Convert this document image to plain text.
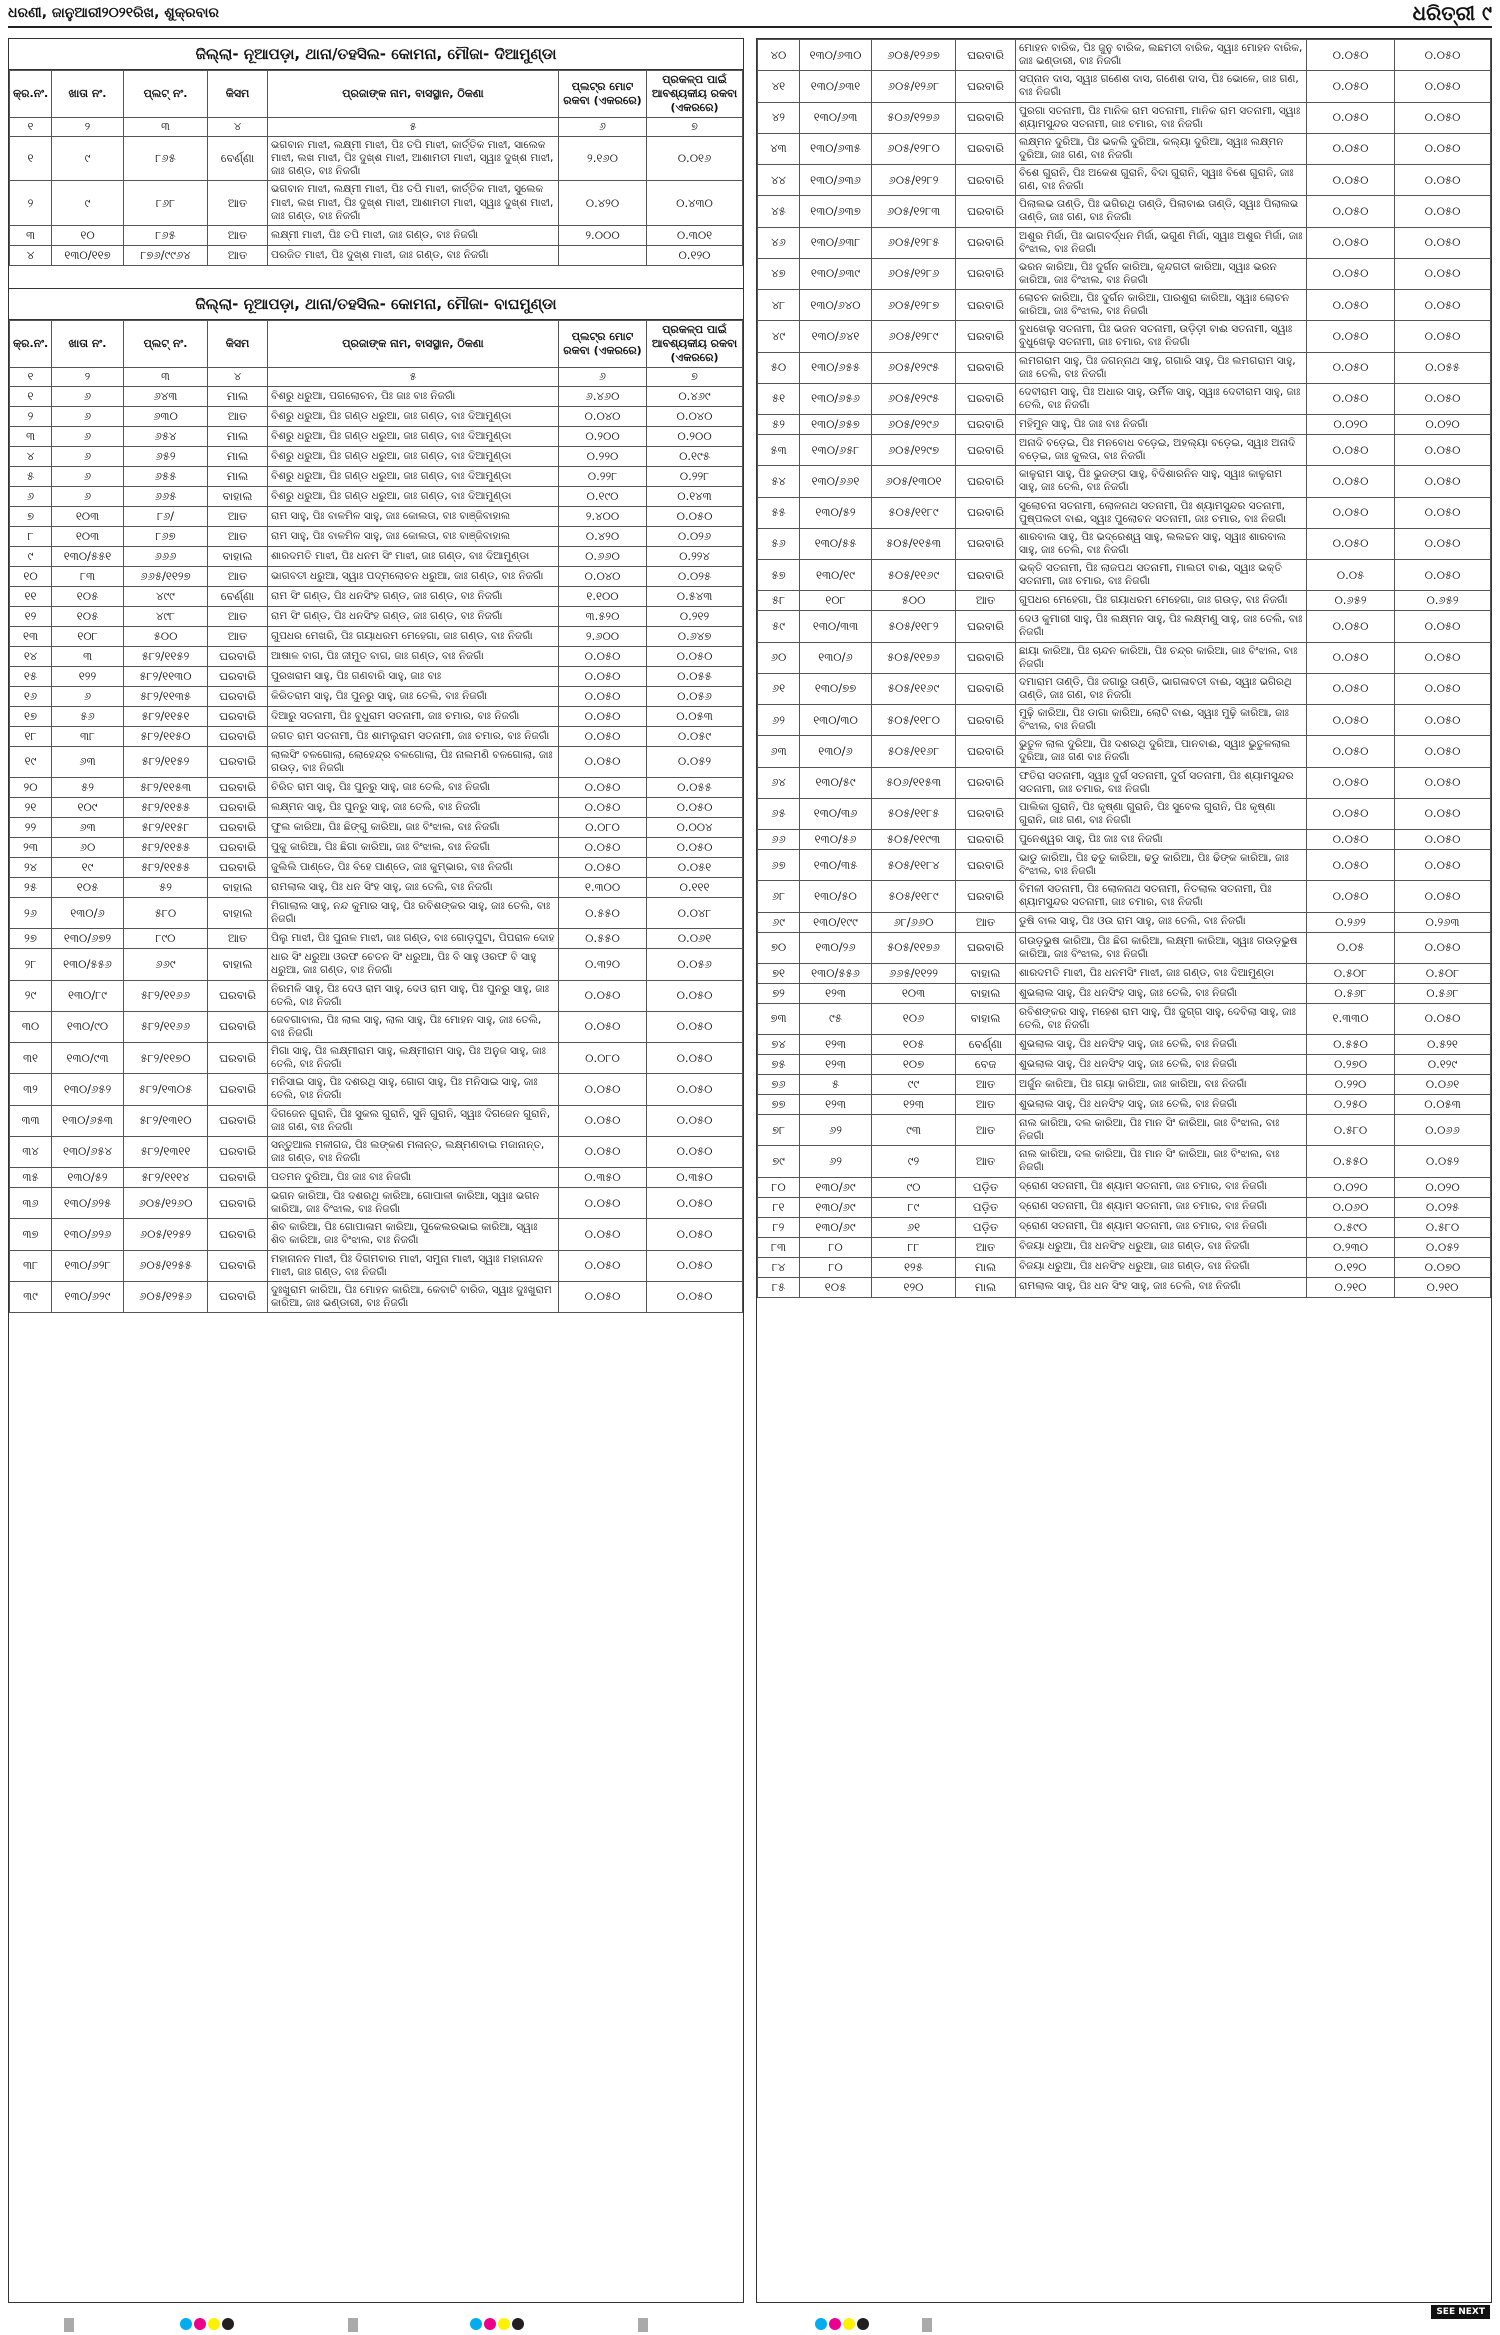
ଧରଣୀ, ଜାନୁଆରୀ୨୦୨୧ରିଖ, ଶୁକ୍ରବାର	ଧରିତ୍ରୀ ୯
ଜିଲ୍ଲା- ନୂଆପଡ଼ା, ଥାନା/ତହସିଲ- କୋମନା, ମୌଜା- ଦିଆମୁଣ୍ଡା
କ୍ର.ନଂ.	ଖାତା ନଂ.	ପ୍ଲଟ୍ ନଂ.	କିସମ	ପ୍ରଜାଙ୍କ ନାମ, ବାସସ୍ଥାନ, ଠିକଣା	ପ୍ଲଟ୍ର ମୋଟ ରକବା (ଏକରରେ)	ପ୍ରକଳ୍ପ ପାଇଁ ଆବଶ୍ୟକୀୟ ରକବା (ଏକରରେ)
୧	୨	୩	୪	୫	୬	୭
୧	୯	୮୬୫	ବେର୍ଣ୍ଣା	ଭଗବାନ ମାଝୀ, ଲକ୍ଷ୍ମୀ ମାଝୀ, ପିଃ ତପି ମାଝୀ, କାର୍ତ୍ତିକ ମାଝୀ, ସାଲେକ ମାଝୀ, ଲଖ ମାଝୀ, ପିଃ ଦୁଖ୍ଶ ମାଝୀ, ଆଶାମତୀ ମାଝୀ, ସ୍ୱାଃ ଦୁଖ୍ଶ ମାଝୀ, ଜାଃ ଗଣ୍ଡ, ବାଃ ନିଜଗାଁ	୨.୧୬୦	୦.୦୧୬
୨	୯	୮୬୮	ଆତ	ଭଗବାନ ମାଝୀ, ଲକ୍ଷ୍ମୀ ମାଝୀ, ପିଃ ତପି ମାଝୀ, କାର୍ତ୍ତିକ ମାଝୀ, ସୁଲେକ ମାଝୀ, ଲଖ ମାଝୀ, ପିଃ ଦୁଖ୍ଶ ମାଝୀ, ଆଶାମତୀ ମାଝୀ, ସ୍ୱାଃ ଦୁଖ୍ଶ ମାଝୀ, ଜାଃ ଗଣ୍ଡ, ବାଃ ନିଜଗାଁ	୦.୪୨୦	୦.୪୩୦
୩	୧୦	୮୬୫	ଆତ	ଲକ୍ଷ୍ମୀ ମାଝୀ, ପିଃ ତପି ମାଝୀ, ଜାଃ ଗଣ୍ଡ, ବାଃ ନିଜଗାଁ	୨.୦୦୦	୦.୩୦୧
୪	୧୩୦/୧୧୭	୮୭୬/୯୯୬୪	ଆତ	ପରଜିତ ମାଝୀ, ପିଃ ଦୁଖ୍ଶ ମାଝୀ, ଜାଃ ଗଣ୍ଡ, ବାଃ ନିଜଗାଁ		୦.୧୨୦
ଜିଲ୍ଲା- ନୂଆପଡ଼ା, ଥାନା/ତହସିଲ- କୋମନା, ମୌଜା- ବାଘମୁଣ୍ଡା
କ୍ର.ନଂ.	ଖାତା ନଂ.	ପ୍ଲଟ୍ ନଂ.	କିସମ	ପ୍ରଜାଙ୍କ ନାମ, ବାସସ୍ଥାନ, ଠିକଣା	ପ୍ଲଟ୍ର ମୋଟ ରକବା (ଏକରରେ)	ପ୍ରକଳ୍ପ ପାଇଁ ଆବଶ୍ୟକୀୟ ରକବା (ଏକରରେ)
୧	୨	୩	୪	୫	୬	୭
୧	୬	୬୪୩	ମାଲ	ବିଶରୁ ଧରୁଆ, ପଗଲୋଚନ, ପିଃ ଜାଃ ବାଃ ନିଜଗାଁ	୬.୪୬୦	୦.୪୬୯
୨	୬	୬୩୦	ଆତ	ବିଶରୁ ଧରୁଆ, ପିଃ ଗଣ୍ଡ ଧରୁଆ, ଜାଃ ଗଣ୍ଡ, ବାଃ ଦିଆମୁଣ୍ଡା	୦.୦୪୦	୦.୦୪୦
୩	୬	୬୫୪	ମାଲ	ବିଶରୁ ଧରୁଆ, ପିଃ ଗଣ୍ଡ ଧରୁଆ, ଜାଃ ଗଣ୍ଡ, ବାଃ ଦିଆମୁଣ୍ଡା	୦.୨୦୦	୦.୨୦୦
୪	୬	୬୫୨	ମାଲ	ବିଶରୁ ଧରୁଆ, ପିଃ ଗଣ୍ଡ ଧରୁଆ, ଜାଃ ଗଣ୍ଡ, ବାଃ ଦିଆମୁଣ୍ଡା	୦.୨୨୦	୦.୧୯୫
୫	୬	୬୫୫	ମାଲ	ବିଶରୁ ଧରୁଆ, ପିଃ ଗଣ୍ଡ ଧରୁଆ, ଜାଃ ଗଣ୍ଡ, ବାଃ ଦିଆମୁଣ୍ଡା	୦.୨୨୮	୦.୨୨୮
୬	୬	୬୬୫	ବାହାଲ	ବିଶରୁ ଧରୁଆ, ପିଃ ଗଣ୍ଡ ଧରୁଆ, ଜାଃ ଗଣ୍ଡ, ବାଃ ଦିଆମୁଣ୍ଡା	୦.୧୯୦	୦.୧୪୩
୭	୧୦୩	୮୬/	ଆତ	ରାମ ସାହୁ, ପିଃ ବାଳମିଳ ସାହୁ, ଜାଃ କୋଲତା, ବାଃ ବାଞ୍ଜିବାହାଲ	୨.୪୦୦	୦.୦୫୦
୮	୧୦୩	୮୬୭	ଆତ	ରାମ ସାହୁ, ପିଃ ବାଳମିଳ ସାହୁ, ଜାଃ କୋଲତା, ବାଃ ବାଞ୍ଜିବାହାଲ	୦.୪୨୦	୦.୦୨୬
୯	୧୩୦/୫୫୧	୬୬୬	ବାହାଲ	ଶାରଦମତି ମାଝୀ, ପିଃ ଧନମ ସିଂ ମାଝୀ, ଜାଃ ଗଣ୍ଡ, ବାଃ ଦିଆମୁଣ୍ଡା	୦.୬୬୦	୦.୨୨୪
୧୦	୮୩	୬୬୫/୧୧୨୭	ଆତ	ଭାଗବତୀ ଧରୁଆ, ସ୍ୱାଃ ପଦ୍ମଲୋଚନ ଧରୁଆ, ଜାଃ ଗଣ୍ଡ, ବାଃ ନିଜଗାଁ	୦.୦୪୦	୦.୦୨୫
୧୧	୧୦୫	୪୯୯	ବେର୍ଣ୍ଣା	ରାମ ସିଂ ଗଣ୍ଡ, ପିଃ ଧନସିଂହ ଗଣ୍ଡ, ଜାଃ ଗଣ୍ଡ, ବାଃ ନିଜଗାଁ	୧.୧୦୦	୦.୫୪୩
୧୨	୧୦୫	୪୯୮	ଆତ	ରାମ ସିଂ ଗଣ୍ଡ, ପିଃ ଧନସିଂହ ଗଣ୍ଡ, ଜାଃ ଗଣ୍ଡ, ବାଃ ନିଜଗାଁ	୩.୫୨୦	୦.୨୧୨
୧୩	୧୦୮	୫୦୦	ଆତ	ଗୁପଧର ମେଖରି, ପିଃ ଗୟାଧରମ ମେହେଗା, ଜାଃ ଗଣ୍ଡ, ବାଃ ନିଜଗାଁ	୨.୬୦୦	୦.୬୪୭
୧୪	୩	୫୮୨/୧୧୫୨	ଘରବାରି	ଆଷାଳ ବାଗ, ପିଃ ଜୀମୁତ ବାଗ, ଜାଃ ଗଣ୍ଡ, ବାଃ ନିଜଗାଁ	୦.୦୫୦	୦.୦୫୦
୧୫	୧୨୨	୫୮୨/୧୧୩୦	ଘରବାରି	ପୁରଖରାମ ସାହୁ, ପିଃ ଗଣବାରି ସାହୁ, ଜାଃ ବାଃ	୦.୦୫୦	୦.୦୫୫
୧୬	୬	୫୮୨/୧୧୩୫	ଘରବାରି	କିରିତରାମ ସାହୁ, ପିଃ ପୁନରୁ ସାହୁ, ଜାଃ ତେଲି, ବାଃ ନିଜଗାଁ	୦.୦୫୦	୦.୦୫୬
୧୭	୫୬	୫୮୨/୧୧୫୧	ଘରବାରି	ଦିଆରୁ ସତନାମୀ, ପିଃ ବୁଧୁରାମ ସତନାମୀ, ଜାଃ ଚମାର, ବାଃ ନିଜଗାଁ	୦.୦୫୦	୦.୦୫୩
୧୮	୩୮	୫୮୨/୧୧୫୦	ଘରବାରି	ଜଗତ ରାମ ସତନାମୀ, ପିଃ ଶାମଲୁରାମ ସତନାମୀ, ଜାଃ ଚମାର, ବାଃ ନିଜଗାଁ	୦.୦୫୦	୦.୦୫୯
୧୯	୬୩	୫୮୨/୧୧୫୨	ଘରବାରି	ଲାଲସିଂ ବଳଗୋଲା, ଲୋହେନ୍ଦ୍ର ବଳଗୋଲା, ପିଃ ନାଲମଣି ବଳଗୋଲା, ଜାଃ ଗଉଡ଼, ବାଃ ନିଜଗାଁ	୦.୦୫୦	୦.୦୫୨
୨୦	୫୨	୫୮୨/୧୧୫୩	ଘରବାରି	ଚିରିତ ରାମ ସାହୁ, ପିଃ ପୁନରୁ ସାହୁ, ଜାଃ ତେଲି, ବାଃ ନିଜଗାଁ	୦.୦୫୦	୦.୦୫୫
୨୧	୧୦୯	୫୮୨/୧୧୫୫	ଘରବାରି	ଲକ୍ଷ୍ମନ ସାହୁ, ପିଃ ପୁନରୁ ସାହୁ, ଜାଃ ତେଲି, ବାଃ ନିଜଗାଁ	୦.୦୫୦	୦.୦୫୦
୨୨	୬୩	୫୮୨/୧୧୫୮	ଘରବାରି	ଫୁଲ କାରିଆ, ପିଃ ଛିଙ୍ଗୁ କାରିଆ, ଜାଃ ବିଂଝାଲ, ବାଃ ନିଜଗାଁ	୦.୦୮୦	୦.୦୦୪
୨୩	୬୦	୫୮୨/୧୧୫୫	ଘରବାରି	ପୁକୁ କାରିଆ, ପିଃ ଛିଗା କାରିଆ, ଜାଃ ବିଂଝାଲ, ବାଃ ନିଜଗାଁ	୦.୦୫୦	୦.୦୫୦
୨୪	୧୯	୫୮୨/୧୧୫୫	ଘରବାରି	ଜୁଲିଲି ପାଣ୍ଡେ, ପିଃ ବିହେ ପାଣ୍ଡେ, ଜାଃ କୁମ୍ଭାର, ବାଃ ନିଜଗାଁ	୦.୦୫୦	୦.୦୫୧
୨୫	୧୦୫	୫୨	ବାହାଲ	ରାମଲାଲ ସାହୁ, ପିଃ ଧନ ସିଂହ ସାହୁ, ଜାଃ ତେଲି, ବାଃ ନିଜଗାଁ	୧.୩୦୦	୦.୧୧୧
୨୬	୧୩୦/୬	୫୮୦	ବାହାଲ	ମିଗାଲାଲ ସାହୁ, ନନ୍ଦ କୁମାର ସାହୁ, ପିଃ ରବିଶଙ୍କର ସାହୁ, ଜାଃ ତେଲି, ବାଃ ନିଜଗାଁ	୦.୫୫୦	୦.୦୪୮
୨୭	୧୩୦/୬୭୨	୮୯୦	ଆତ	ପିଲୁ ମାଝୀ, ପିଃ ପୁନାଳ ମାଝୀ, ଜାଃ ଗଣ୍ଡ, ବାଃ ଗୋଡ଼ପୁଟା, ପିପରାଳ ଦୋହ	୦.୫୫୦	୦.୦୬୧
୨୮	୧୩୦/୫୫୬	୬୬୯	ବାହାଲ	ଧାର ସିଂ ଧରୁଆ ଓରଫ ଚେତନ ସିଂ ଧରୁଆ, ପିଃ ବି ସାହୁ ଓରଫ ବି ସାହୁ ଧରୁଆ, ଜାଃ ଗଣ୍ଡ, ବାଃ ନିଜଗାଁ	୦.୩୨୦	୦.୦୫୬
୨୯	୧୩୦/୮୯	୫୮୨/୧୧୬୬	ଘରବାରି	ନିରମଳି ସାହୁ, ପିଃ ଦେଓ ରାମ ସାହୁ, ଦେଓ ରାମ ସାହୁ, ପିଃ ପୁନରୁ ସାହୁ, ଜାଃ ତେଲି, ବାଃ ନିଜଗାଁ	୦.୦୫୦	୦.୦୫୦
୩୦	୧୩୦/୯୦	୫୮୨/୧୧୬୬	ଘରବାରି	ଜେବଗାବାଲ, ପିଃ ଲାଲ ସାହୁ, ଲାଲ ସାହୁ, ପିଃ ମୋହନ ସାହୁ, ଜାଃ ତେଲି, ବାଃ ନିଜଗାଁ	୦.୦୫୦	୦.୦୫୦
୩୧	୧୩୦/୯୩	୫୮୨/୧୧୭୦	ଘରବାରି	ମିଗା ସାହୁ, ପିଃ ଲକ୍ଷ୍ମୀରାମ ସାହୁ, ଲକ୍ଷ୍ମୀରାମ ସାହୁ, ପିଃ ଅନୁଜ ସାହୁ, ଜାଃ ତେଲି, ବାଃ ନିଜଗାଁ	୦.୦୮୦	୦.୦୫୦
୩୨	୧୩୦/୬୫୨	୫୮୨/୧୩୦୫	ଘରବାରି	ମନିସାଇ ସାହୁ, ପିଃ ଦଶରଥି ସାହୁ, ଗୋଗ ସାହୁ, ପିଃ ମନିସାଇ ସାହୁ, ଜାଃ ତେଲି, ବାଃ ନିଜଗାଁ	୦.୦୫୦	୦.୦୫୦
୩୩	୧୩୦/୬୫୩	୫୮୨/୧୩୧୦	ଘରବାରି	ଦିଗଜେନ ଗୁରାନି, ପିଃ ସୁକଲ ଗୁରାନି, ସୁନି ଗୁରାନି, ସ୍ୱାଃ ଦିଗଜେନ ଗୁରାନି, ଜାଃ ଗଣ, ବାଃ ନିଜଗାଁ	୦.୦୫୦	୦.୦୫୦
୩୪	୧୩୦/୬୫୪	୫୮୨/୧୩୧୧	ଘରବାରି	ସନ୍ତୁଆଲ ମଳୀଗଜ, ପିଃ ଲଙ୍କଣ ମଳାନ୍ତ, ଲକ୍ଷ୍ମଣବାଇ ମଜାନାନ୍ତ, ଜାଃ ଗଣ୍ଡ, ବାଃ ନିଜଗାଁ	୦.୦୫୦	୦.୦୫୦
୩୫	୧୩୦/୫୨	୫୮୨/୧୧୧୪	ଘରବାରି	ପତମନ ଦୁରିଆ, ପିଃ ଜାଃ ବାଃ ନିଜଗାଁ	୦.୩୫୦	୦.୩୫୦
୩୬	୧୩୦/୬୨୫	୬୦୫/୧୨୬୦	ଘରବାରି	ଭଗନ କାରିଆ, ପିଃ ଦଶରଥି କାରିଆ, ଗୋପାଳୀ କାରିଆ, ସ୍ୱାଃ ଭଗନ କାରିଆ, ଜାଃ ବିଂଝାଲ, ବାଃ ନିଜଗାଁ	୦.୦୫୦	୦.୦୫୦
୩୭	୧୩୦/୬୨୬	୬୦୫/୧୨୫୨	ଘରବାରି	ଶିବ କାରିଆ, ପିଃ ଗୋପାଳାମ କାରିଆ, ପୁକେଲରଭାଇ କାରିଆ, ସ୍ୱାଃ ଶିବ କାରିଆ, ଜାଃ ବିଂଝାଲ, ବାଃ ନିଜଗାଁ	୦.୦୫୦	୦.୦୫୦
୩୮	୧୩୦/୬୨୮	୬୦୫/୧୨୫୫	ଘରବାରି	ମହାନାନନ ମାଝୀ, ପିଃ ଦିଗମବାର ମାଝୀ, ସମୁନା ମାଝୀ, ସ୍ୱାଃ ମହାନାନ୍ଦନ ମାଝୀ, ଜାଃ ଗଣ୍ଡ, ବାଃ ନିଜଗାଁ	୦.୦୫୦	୦.୦୫୦
୩୯	୧୩୦/୬୨୯	୬୦୫/୧୨୫୬	ଘରବାରି	ଦୁଃଖୁରାମ କାରିଆ, ପିଃ ମୋହନ କାରିଆ, କେବାଟି ବାରିଜ, ସ୍ୱାଃ ଦୁଃଖୁରାମ କାରିଆ, ଜାଃ ଭଣ୍ଡାରୀ, ବାଃ ନିଜଗାଁ	୦.୦୫୦	୦.୦୫୦
୪୦	୧୩୦/୬୩୦	୬୦୫/୧୨୬୭	ଘରବାରି	ମୋହନ ବାରିକ, ପିଃ ଜୁନୁ ବାରିକ, ଲଛମତୀ ବାରିକ, ସ୍ୱାଃ ମୋହନ ବାରିକ, ଜାଃ ଭଣ୍ଡାରୀ, ବାଃ ନିଜଗାଁ	୦.୦୫୦	୦.୦୫୦
୪୧	୧୩୦/୬୩୧	୬୦୫/୧୨୬୮	ଘରବାରି	ସପ୍ନାନ ଦାସ, ସ୍ୱାଃ ଗଣେଶ ଦାସ, ଗଣେଶ ଦାସ, ପିଃ ଭୋଳେ, ଜାଃ ଗଣ, ବାଃ ନିଜଗାଁ	୦.୦୫୦	୦.୦୫୦
୪୨	୧୩୦/୬୩	୫୦୬/୧୨୭୬	ଘରବାରି	ପୁରଗା ସତନାମୀ, ପିଃ ମାନିକ ରାମ ସତନାମୀ, ମାନିକ ରାମ ସତନାମୀ, ସ୍ୱାଃ ଶ୍ୟାମସୁନ୍ଦର ସତନାମୀ, ଜାଃ ଚମାର, ବାଃ ନିଜଗାଁ	୦.୦୫୦	୦.୦୫୦
୪୩	୧୩୦/୬୩୫	୬୦୫/୧୨୮୦	ଘରବାରି	ଲକ୍ଷ୍ମନ ଦୁରିଆ, ପିଃ ଭକଲି ଦୁରିଆ, କଲ୍ୟା ଦୁରିଆ, ସ୍ୱାଃ ଲକ୍ଷ୍ମନ ଦୁରିଆ, ଜାଃ ଗଣ, ବାଃ ନିଜଗାଁ	୦.୦୫୦	୦.୦୫୦
୪୪	୧୩୦/୬୩୬	୬୦୫/୧୨୮୨	ଘରବାରି	ବିଶେ ଗୁରାନି, ପିଃ ଅକେଶ ଗୁରାନି, ବିଦା ଗୁରାନି, ସ୍ୱାଃ ବିଶେ ଗୁରାନି, ଜାଃ ଗଣ, ବାଃ ନିଜଗାଁ	୦.୦୫୦	୦.୦୫୦
୪୫	୧୩୦/୬୩୭	୬୦୫/୧୨୮୩	ଘରବାରି	ପିଲାଲଭ ତାଣ୍ଡି, ପିଃ ଭଗିରଥି ତାଣ୍ଡି, ପିଲାବାଈ ତାଣ୍ଡି, ସ୍ୱାଃ ପିଲାଲଭ ତାଣ୍ଡି, ଜାଃ ଗଣ, ବାଃ ନିଜଗାଁ	୦.୦୫୦	୦.୦୫୦
୪୬	୧୩୦/୬୩୮	୬୦୫/୧୨୮୫	ଘରବାରି	ଅଶୁର ମିର୍ଜା, ପିଃ ଭାଗବର୍ଦ୍ଧନ ମିର୍ଜା, ଭଗୁଣ ମିର୍ଜା, ସ୍ୱାଃ ଅଶୁର ମିର୍ଜା, ଜାଃ ବିଂଝାଲ, ବାଃ ନିଜଗାଁ	୦.୦୫୦	୦.୦୫୦
୪୭	୧୩୦/୬୩୯	୬୦୫/୧୨୮୬	ଘରବାରି	ଭରନ କାରିଆ, ପିଃ ଦୁର୍ଗନ କାରିଆ, କୃନ୍ଦଗତୀ କାରିଆ, ସ୍ୱାଃ ଭରନ କାରିଆ, ଜାଃ ବିଂଝାଲ, ବାଃ ନିଜଗାଁ	୦.୦୫୦	୦.୦୫୦
୪୮	୧୩୦/୬୪୦	୬୦୫/୧୨୮୭	ଘରବାରି	ଲୋଚନ କାରିଆ, ପିଃ ଦୁର୍ଗନ କାରିଆ, ପାରଶୁରା କାରିଆ, ସ୍ୱାଃ ଲୋଚନ କାରିଆ, ଜାଃ ବିଂଝାଲ, ବାଃ ନିଜଗାଁ	୦.୦୫୦	୦.୦୫୦
୪୯	୧୩୦/୬୪୧	୬୦୫/୧୨୮୯	ଘରବାରି	ବୁଧଖେଲୁ ସତନାମୀ, ପିଃ ଭଜନ ସତନାମୀ, ଉଡ଼ିଡ଼ୀ ବାଈ ସତନାମୀ, ସ୍ୱାଃ ବୁଧୁଖେଲୁ ସତନାମୀ, ଜାଃ ଚମାର, ବାଃ ନିଜଗାଁ	୦.୦୫୦	୦.୦୫୦
୫୦	୧୩୦/୬୫୫	୬୦୫/୧୨୯୫	ଘରବାରି	ଲମଗରାମ ସାହୁ, ପିଃ ଜଗନ୍ନାଥ ସାହୁ, ଗଗାରି ସାହୁ, ପିଃ ଲମଗରାମ ସାହୁ, ଜାଃ ତେଲି, ବାଃ ନିଜଗାଁ	୦.୦୫୦	୦.୦୫୫
୫୧	୧୩୦/୬୫୬	୬୦୫/୧୨୯୫	ଘରବାରି	ଦେବୀରାମ ସାହୁ, ପିଃ ଅଧାର ସାହୁ, ଉର୍ମିଳ ସାହୁ, ସ୍ୱାଃ ଦେବୀରାମ ସାହୁ, ଜାଃ ତେଲି, ବାଃ ନିଜଗାଁ	୦.୦୫୦	୦.୦୫୦
୫୨	୧୩୦/୬୫୭	୬୦୫/୧୨୯୬	ଘରବାରି	ମହିମୁନ ସାହୁ, ପିଃ ଜାଃ ବାଃ ନିଜଗାଁ	୦.୦୨୦	୦.୦୨୦
୫୩	୧୩୦/୬୫୮	୬୦୫/୧୨୯୭	ଘରବାରି	ଅନାଦି ବଡ଼େଇ, ପିଃ ମନବୋଧ ବଡ଼େଇ, ଅହଲ୍ୟା ବଡ଼େଇ, ସ୍ୱାଃ ଅନାଦି ବଡ଼େଇ, ଜାଃ କୁଲତା, ବାଃ ନିଜଗାଁ	୦.୦୫୦	୦.୦୫୦
୫୪	୧୩୦/୬୬୧	୬୦୫/୧୩୦୧	ଘରବାରି	କାଳୁରାମ ସାହୁ, ପିଃ ଭୁଜଙ୍ଗ ସାହୁ, ବିଦିଶାରନିନ ସାହୁ, ସ୍ୱାଃ କାଳୁରାମ ସାହୁ, ଜାଃ ତେଲି, ବାଃ ନିଜଗାଁ	୦.୦୫୦	୦.୦୫୦
୫୫	୧୩୦/୫୨	୫୦୫/୧୧୮୯	ଘରବାରି	ସୁଲୋଚନା ସତନାମୀ, ଲୋଳନାଥ ସତନାମୀ, ପିଃ ଶ୍ୟାମସୁନ୍ଦର ସତନାମୀ, ପୁଷ୍ପଲତୀ ବାଈ, ସ୍ୱାଃ ପୁଲୋଚନ ସତନାମୀ, ଜାଃ ଚମାର, ବାଃ ନିଜଗାଁ	୦.୦୫୦	୦.୦୫୦
୫୬	୧୩୦/୫୫	୫୦୫/୧୧୫୩	ଘରବାରି	ଶାରବାଲ ସାହୁ, ପିଃ ଭଦ୍ରେଶ୍ୱ ସାହୁ, ଲଲଚ୍ଚନ ସାହୁ, ସ୍ୱାଃ ଶାରବାଲ ସାହୁ, ଜାଃ ତେଲି, ବାଃ ନିଜଗାଁ	୦.୦୫୦	୦.୦୫୦
୫୭	୧୩୦/୧୯	୫୦୫/୧୧୬୯	ଘରବାରି	ଭକ୍ତି ସତନାମୀ, ପିଃ ଲାଜପଥ ସତନାମୀ, ମାଲତୀ ବାଈ, ସ୍ୱାଃ ଭକ୍ତି ସତନାମୀ, ଜାଃ ଚମାର, ବାଃ ନିଜଗାଁ	୦.୦୫	୦.୦୫୦
୫୮	୧୦୮	୫୦୦	ଆତ	ଗୁପଧର ମେହେଗା, ପିଃ ଗୟାଧରମ ମେହେଗା, ଜାଃ ଗଉଡ଼, ବାଃ ନିଜଗାଁ	୦.୬୫୨	୦.୬୫୨
୫୯	୧୩୦/୩୩	୫୦୫/୧୧୮୨	ଘରବାରି	ଦେଓ କୁମାରୀ ସାହୁ, ପିଃ ଲକ୍ଷ୍ମନ ସାହୁ, ପିଃ ଲକ୍ଷ୍ମଣୁ ସାହୁ, ଜାଃ ତେଲି, ବାଃ ନିଜଗାଁ	୦.୦୫୦	୦.୦୫୦
୬୦	୧୩୦/୬	୫୦୫/୧୧୭୬	ଘରବାରି	ଛାୟା କାରିଆ, ପିଃ ଚାନ୍ଦନ କାରିଆ, ପିଃ ଚନ୍ଦ୍ର କାରିଆ, ଜାଃ ବିଂଝାଲ, ବାଃ ନିଜଗାଁ	୦.୦୫୦	୦.୦୫୦
୬୧	୧୩୦/୭୭	୫୦୫/୧୧୬୯	ଘରବାରି	ଦମାରାମ ତାଣ୍ଡି, ପିଃ ଜଗାରୁ ତାଣ୍ଡି, ଭାଗଳାବତୀ ବାଈ, ସ୍ୱାଃ ଭଗିରଥି ତାଣ୍ଡି, ଜାଃ ଗଣ, ବାଃ ନିଜଗାଁ	୦.୦୫୦	୦.୦୫୦
୬୨	୧୩୦/୩୦	୫୦୫/୧୧୮୦	ଘରବାରି	ମୁଢ଼ି କାରିଆ, ପିଃ ଡାଗା କାରିଆ, ଲୋଟି ବାଈ, ସ୍ୱାଃ ମୁଢ଼ି କାରିଆ, ଜାଃ ବିଂଝାଲ, ବାଃ ନିଜଗାଁ	୦.୦୫୦	୦.୦୫୦
୬୩	୧୩୦/୬	୫୦୫/୧୧୬୮	ଘରବାରି	ଭୁତୁଳ ଲାଲ ଦୁରିଆ, ପିଃ ଦଶରଥି ଦୁରିଆ, ପାନବାଈ, ସ୍ୱାଃ ଭୁତୁଳଲାଲ ଦୁରିଆ, ଜାଃ ଗଣ ବାଃ ନିଜଗାଁ	୦.୦୫୦	୦.୦୫୦
୬୪	୧୩୦/୫୯	୫୦୬/୧୧୫୩	ଘରବାରି	ଫତିରା ସତନାମୀ, ସ୍ୱାଃ ଦୁର୍ଗ ସତନାମୀ, ଦୁର୍ଗ ସତନାମୀ, ପିଃ ଶ୍ୟାମସୁନ୍ଦର ସତନାମୀ, ଜାଃ ଚମାର, ବାଃ ନିଜଗାଁ	୦.୦୫୦	୦.୦୫୦
୬୫	୧୩୦/୩୬	୫୦୫/୧୧୮୫	ଘରବାରି	ପାଲିକା ଗୁରାନି, ପିଃ କୃଷ୍ଣା ଗୁରାନି, ପିଃ ସୁବେଲ ଗୁରାନି, ପିଃ କୃଷ୍ଣା ଗୁରାନି, ଜାଃ ଗଣ, ବାଃ ନିଜଗାଁ	୦.୦୫୦	୦.୦୫୦
୬୬	୧୩୦/୫୬	୫୦୫/୧୧୯୩	ଘରବାରି	ପୁନେଶ୍ୱର ସାହୁ, ପିଃ ଜାଃ ବାଃ ନିଜଗାଁ	୦.୦୫୦	୦.୦୫୦
୬୭	୧୩୦/୩୫	୫୦୫/୧୧୮୪	ଘରବାରି	ଭାଡୁ କାରିଆ, ପିଃ ଢଡୁ କାରିଆ, ଢଡୁ କାରିଆ, ପିଃ ଢିଙ୍କ କାରିଆ, ଜାଃ ବିଂଝାଲ, ବାଃ ନିଜଗାଁ	୦.୦୫୦	୦.୦୫୦
୬୮	୧୩୦/୫୦	୫୦୫/୧୧୮୯	ଘରବାରି	ବିମଳୀ ସତନାମୀ, ପିଃ ଲୋଳନାଥ ସତନାମୀ, ନିତଲାଲ ସତନାମୀ, ପିଃ ଶ୍ୟାମସୁନ୍ଦର ସତନାମୀ, ଜାଃ ଚମାର, ବାଃ ନିଜଗାଁ	୦.୦୫୦	୦.୦୫୦
୬୯	୧୩୦/୧୯୯	୬୮/୬୬୦	ଆତ	ଡୁଷି ବାଲ ସାହୁ, ପିଃ ଓଉ ରାମ ସାହୁ, ଜାଃ ତେଲି, ବାଃ ନିଜଗାଁ	୦.୨୬୨	୦.୨୬୩
୭୦	୧୩୦/୨୬	୫୦୫/୧୧୭୬	ଘରବାରି	ଗଉଡ଼ଭୁଷ କାରିଆ, ପିଃ ଛିଗ କାରିଆ, ଲକ୍ଷ୍ମୀ କାରିଆ, ସ୍ୱାଃ ଗଉଡ଼ଭୁଷ କାରିଆ, ଜାଃ ବିଂଝାଲ, ବାଃ ନିଜଗାଁ	୦.୦୫	୦.୦୫୦
୭୧	୧୩୦/୫୫୬	୬୬୫/୧୧୨୨	ବାହାଲ	ଶାରଦମତି ମାଝୀ, ପିଃ ଧନମସିଂ ମାଝୀ, ଜାଃ ଗଣ୍ଡ, ବାଃ ଦିଆମୁଣ୍ଡା	୦.୫୦୮	୦.୫୦୮
୭୨	୧୨୩	୧୦୩	ବାହାଲ	ଶୁଭଲାଲ ସାହୁ, ପିଃ ଧନସିଂହ ସାହୁ, ଜାଃ ତେଲି, ବାଃ ନିଜଗାଁ	୦.୫୬୮	୦.୫୬୮
୭୩	୯୫	୧୦୬	ବାହାଲ	ରବିଶଙ୍କର ସାହୁ, ମହେଶ ରାମ ସାହୁ, ପିଃ ଜୁଗ୍ଗ ସାହୁ, ଦେବିଲା ସାହୁ, ଜାଃ ତେଲି, ବାଃ ନିଜଗାଁ	୧.୩୩୦	୦.୦୫୦
୭୪	୧୨୩	୧୦୫	ବେର୍ଣ୍ଣା	ଶୁଭଲାଲ ସାହୁ, ପିଃ ଧନସିଂହ ସାହୁ, ଜାଃ ତେଲି, ବାଃ ନିଜଗାଁ	୦.୫୫୦	୦.୫୨୧
୭୫	୧୨୩	୧୦୭	ବେଜ	ଶୁଭଲାଲ ସାହୁ, ପିଃ ଧନସିଂହ ସାହୁ, ଜାଃ ତେଲି, ବାଃ ନିଜଗାଁ	୦.୨୭୦	୦.୧୨୯
୭୬	୫	୯୯	ଆତ	ଅର୍ଜୁନ କାରିଆ, ପିଃ ଗୟା କାରିଆ, ଜାଃ କାରିଆ, ବାଃ ନିଜଗାଁ	୦.୨୨୦	୦.୦୬୧
୭୭	୧୨୩	୧୨୩	ଆତ	ଶୁଭଲାଲ ସାହୁ, ପିଃ ଧନସିଂହ ସାହୁ, ଜାଃ ତେଲି, ବାଃ ନିଜଗାଁ	୦.୨୫୦	୦.୦୫୩
୭୮	୬୨	୯୩	ଆତ	ନାଲ କାରିଆ, ଦଲ କାରିଆ, ପିଃ ମାନ ସିଂ କାରିଆ, ଜାଃ ବିଂଝାଲ, ବାଃ ନିଜଗାଁ	୦.୫୮୦	୦.୦୬୬
୭୯	୬୨	୯୨	ଆତ	ନାଲ କାରିଆ, ଦଲ କାରିଆ, ପିଃ ମାନ ସିଂ କାରିଆ, ଜାଃ ବିଂଝାଲ, ବାଃ ନିଜଗାଁ	୦.୫୫୦	୦.୦୫୨
୮୦	୧୩୦/୬୯	୯୦	ପଡ଼ିତ	ଦ୍ରୋଣ ସତନାମୀ, ପିଃ ଶ୍ୟାମ ସତନାମୀ, ଜାଃ ଚମାର, ବାଃ ନିଜଗାଁ	୦.୦୨୦	୦.୦୨୦
୮୧	୧୩୦/୬୯	୮୯	ପଡ଼ିତ	ଦ୍ରୋଣ ସତନାମୀ, ପିଃ ଶ୍ୟାମ ସତନାମୀ, ଜାଃ ଚମାର, ବାଃ ନିଜଗାଁ	୦.୦୬୦	୦.୦୨୫
୮୨	୧୩୦/୬୯	୬୧	ପଡ଼ିତ	ଦ୍ରୋଣ ସତନାମୀ, ପିଃ ଶ୍ୟାମ ସତନାମୀ, ଜାଃ ଚମାର, ବାଃ ନିଜଗାଁ	୦.୫୯୦	୦.୫୮୦
୮୩	୮୦	୮୮	ଆତ	ବିଜୟା ଧରୁଆ, ପିଃ ଧନସିଂହ ଧରୁଆ, ଜାଃ ଗଣ୍ଡ, ବାଃ ନିଜଗାଁ	୦.୨୩୦	୦.୦୫୨
୮୪	୮୦	୧୨୫	ମାଲ	ବିଜୟା ଧରୁଆ, ପିଃ ଧନସିଂହ ଧରୁଆ, ଜାଃ ଗଣ୍ଡ, ବାଃ ନିଜଗାଁ	୦.୧୨୦	୦.୦୭୦
୮୫	୧୦୫	୧୨୦	ମାଲ	ରାମଲାଲ ସାହୁ, ପିଃ ଧନ ସିଂହ ସାହୁ, ଜାଃ ତେଲି, ବାଃ ନିଜଗାଁ	୦.୨୧୦	୦.୨୧୦
SEE NEXT
